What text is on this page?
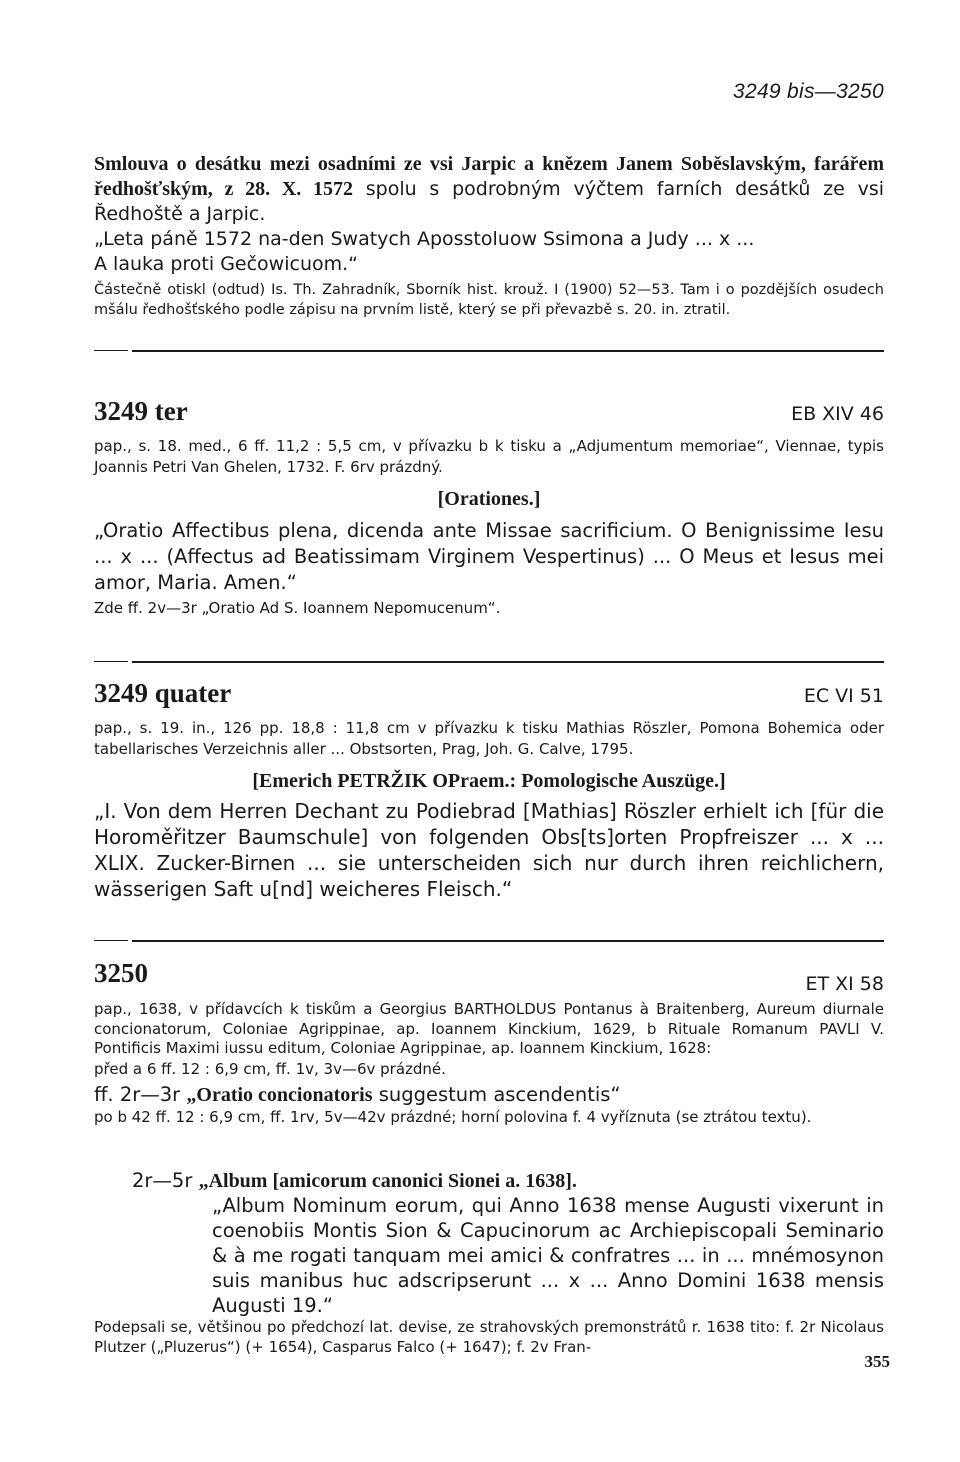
3249 bis—3250

Smlouva o desátku mezi osadními ze vsi Jarpic a knězem Janem Soběslavským, farářem ředhošťským, z 28. X. 1572 spolu s podrobným výčtem farních desátků ze vsi Ředhoště a Jarpic.

„Leta páně 1572 na-den Swatych Aposstoluow Ssimona a Judy ... x ...

A lauka proti Gečowicuom.“

Částečně otiskl (odtud) Is. Th. Zahradník, Sborník hist. krouž. I (1900) 52—53. Tam i o pozdějších osudech mšálu ředhošťského podle zápisu na prvním listě, který se při převazbě s. 20. in. ztratil.

3249 ter	EB XIV 46

pap., s. 18. med., 6 ff. 11,2 : 5,5 cm, v přívazku b k tisku a „Adjumentum memoriae“, Viennae, typis Joannis Petri Van Ghelen, 1732. F. 6rv prázdný.

[Orationes.]

„Oratio Affectibus plena, dicenda ante Missae sacrificium. O Benignissime Iesu ... x ... (Affectus ad Beatissimam Virginem Vespertinus) ... O Meus et Iesus mei amor, Maria. Amen.“

Zde ff. 2v—3r „Oratio Ad S. Ioannem Nepomucenum“.

3249 quater	EC VI 51

pap., s. 19. in., 126 pp. 18,8 : 11,8 cm v přívazku k tisku Mathias Röszler, Pomona Bohemica oder tabellarisches Verzeichnis aller ... Obstsorten, Prag, Joh. G. Calve, 1795.

[Emerich PETRŽIK OPraem.: Pomologische Auszüge.]

„I. Von dem Herren Dechant zu Podiebrad [Mathias] Röszler erhielt ich [für die Horoměřitzer Baumschule] von folgenden Obs[ts]orten Propfreiszer ... x ... XLIX. Zucker-Birnen ... sie unterscheiden sich nur durch ihren reichlichern, wässerigen Saft u[nd] weicheres Fleisch.“

3250	ET XI 58

pap., 1638, v přídavcích k tiskům a Georgius BARTHOLDUS Pontanus à Braitenberg, Aureum diurnale concionatorum, Coloniae Agrippinae, ap. Ioannem Kinckium, 1629, b Rituale Romanum PAVLI V. Pontificis Maximi iussu editum, Coloniae Agrippinae, ap. Ioannem Kinckium, 1628:

před a 6 ff. 12 : 6,9 cm, ff. 1v, 3v—6v prázdné.

ff. 2r—3r „Oratio concionatoris suggestum ascendentis“

po b 42 ff. 12 : 6,9 cm, ff. 1rv, 5v—42v prázdné; horní polovina f. 4 vyříznuta (se ztrátou textu).

2r—5r „Album [amicorum canonici Sionei a. 1638].

„Album Nominum eorum, qui Anno 1638 mense Augusti vixerunt in coenobiis Montis Sion & Capucinorum ac Archiepiscopali Seminario & à me rogati tanquam mei amici & confratres ... in ... mnémosynon suis manibus huc adscripserunt ... x ... Anno Domini 1638 mensis Augusti 19.“

Podepsali se, většinou po předchozí lat. devise, ze strahovských premonstrátů r. 1638 tito: f. 2r Nicolaus Plutzer („Pluzerus“) (+ 1654), Casparus Falco (+ 1647); f. 2v Fran-

355
